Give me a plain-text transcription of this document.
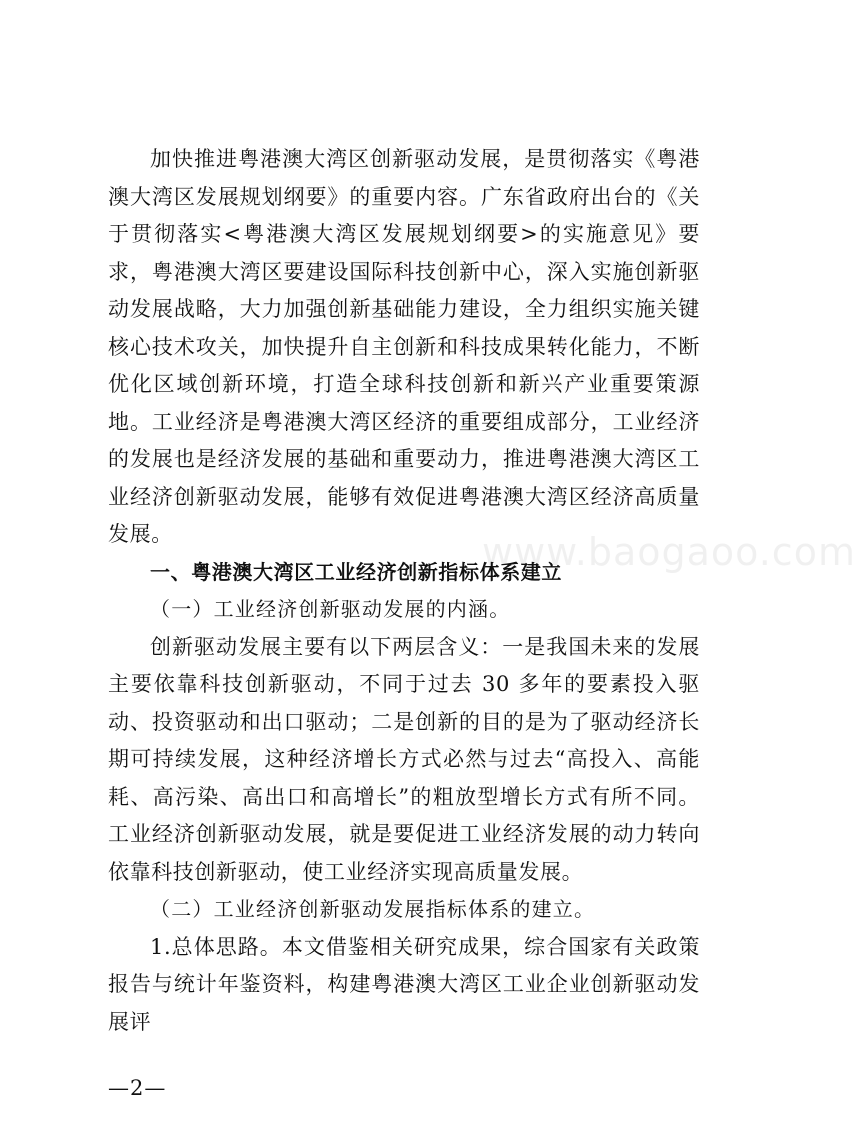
www.baogaoo.com

加快推进粤港澳大湾区创新驱动发展，是贯彻落实《粤港澳大湾区发展规划纲要》的重要内容。广东省政府出台的《关于贯彻落实<粤港澳大湾区发展规划纲要>的实施意见》要求，粤港澳大湾区要建设国际科技创新中心，深入实施创新驱动发展战略，大力加强创新基础能力建设，全力组织实施关键核心技术攻关，加快提升自主创新和科技成果转化能力，不断优化区域创新环境，打造全球科技创新和新兴产业重要策源地。工业经济是粤港澳大湾区经济的重要组成部分，工业经济的发展也是经济发展的基础和重要动力，推进粤港澳大湾区工业经济创新驱动发展，能够有效促进粤港澳大湾区经济高质量发展。

一、粤港澳大湾区工业经济创新指标体系建立

（一）工业经济创新驱动发展的内涵。

创新驱动发展主要有以下两层含义：一是我国未来的发展主要依靠科技创新驱动，不同于过去 30 多年的要素投入驱动、投资驱动和出口驱动；二是创新的目的是为了驱动经济长期可持续发展，这种经济增长方式必然与过去“高投入、高能耗、高污染、高出口和高增长”的粗放型增长方式有所不同。工业经济创新驱动发展，就是要促进工业经济发展的动力转向依靠科技创新驱动，使工业经济实现高质量发展。

（二）工业经济创新驱动发展指标体系的建立。

1.总体思路。本文借鉴相关研究成果，综合国家有关政策报告与统计年鉴资料，构建粤港澳大湾区工业企业创新驱动发展评

—2—
